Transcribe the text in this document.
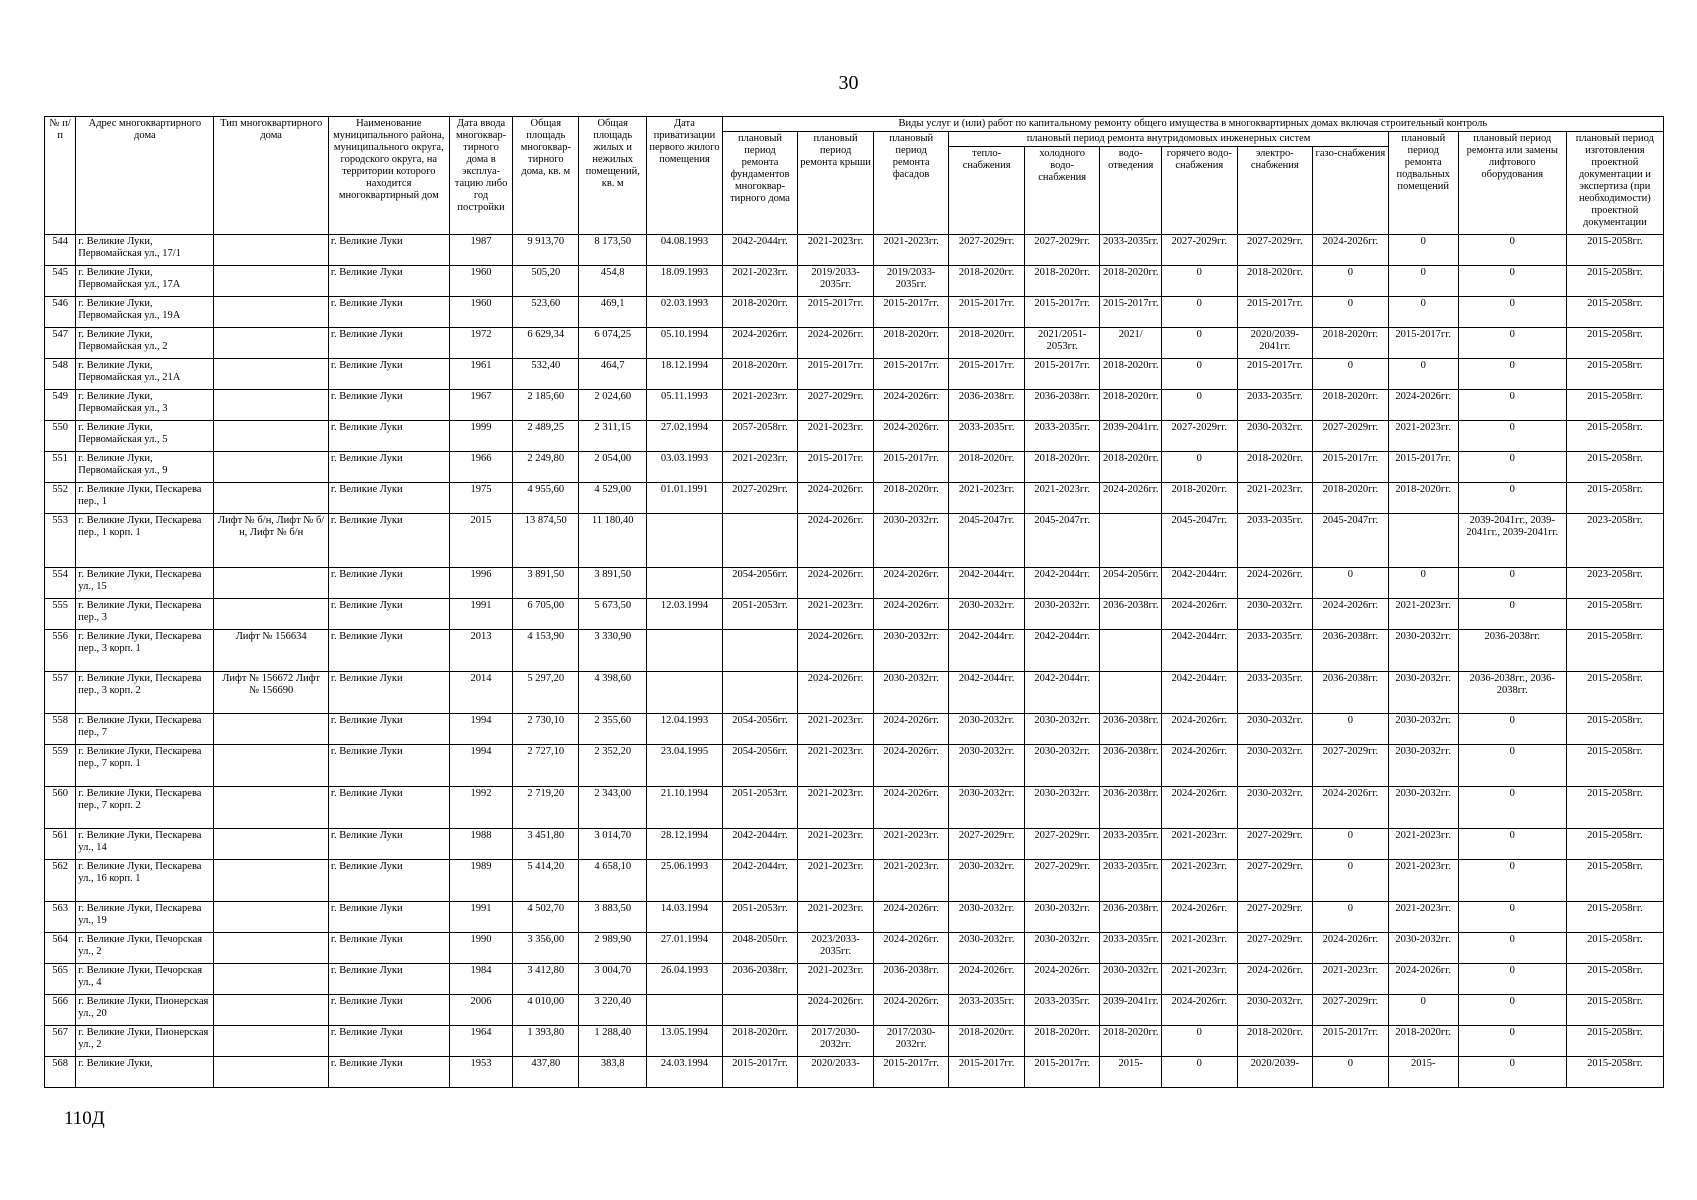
30
№ п/п	Адрес многоквартирного дома	Тип многоквартирного дома	Наименование муниципального района, муниципального округа, городского округа, на территории которого находится многоквартирный дом	Дата ввода многоквар-тирного дома в эксплуа-тацию либо год постройки	Общая площадь многоквар-тирного дома, кв. м	Общая площадь жилых и нежилых помещений, кв. м	Дата приватизации первого жилого помещения	Виды услуг и (или) работ по капитальному ремонту общего имущества в многоквартирных домах включая строительный контроль											
								плановый период ремонта фундаментов многоквар-тирного дома	плановый период ремонта крыши	плановый период ремонта фасадов	плановый период ремонта внутридомовых инженерных систем						плановый период ремонта подвальных помещений	плановый период ремонта или замены лифтового оборудования	плановый период изготовления проектной документации и экспертиза (при необходимости) проектной документации
											тепло-снабжения	холодного водо-снабжения	водо-отведения	горячего водо-снабжения	электро-снабжения	газо-снабжения			
544	г. Великие Луки, Первомайская ул., 17/1		г. Великие Луки	1987	9 913,70	8 173,50	04.08.1993	2042-2044гг.	2021-2023гг.	2021-2023гг.	2027-2029гг.	2027-2029гг.	2033-2035гг.	2027-2029гг.	2027-2029гг.	2024-2026гг.	0	0	2015-2058гг.
545	г. Великие Луки, Первомайская ул., 17А		г. Великие Луки	1960	505,20	454,8	18.09.1993	2021-2023гг.	2019/2033-2035гг.	2019/2033-2035гг.	2018-2020гг.	2018-2020гг.	2018-2020гг.	0	2018-2020гг.	0	0	0	2015-2058гг.
546	г. Великие Луки, Первомайская ул., 19А		г. Великие Луки	1960	523,60	469,1	02.03.1993	2018-2020гг.	2015-2017гг.	2015-2017гг.	2015-2017гг.	2015-2017гг.	2015-2017гг.	0	2015-2017гг.	0	0	0	2015-2058гг.
547	г. Великие Луки, Первомайская ул., 2		г. Великие Луки	1972	6 629,34	6 074,25	05.10.1994	2024-2026гг.	2024-2026гг.	2018-2020гг.	2018-2020гг.	2021/2051-2053гг.	2021/	0	2020/2039-2041гг.	2018-2020гг.	2015-2017гг.	0	2015-2058гг.
548	г. Великие Луки, Первомайская ул., 21А		г. Великие Луки	1961	532,40	464,7	18.12.1994	2018-2020гг.	2015-2017гг.	2015-2017гг.	2015-2017гг.	2015-2017гг.	2018-2020гг.	0	2015-2017гг.	0	0	0	2015-2058гг.
549	г. Великие Луки, Первомайская ул., 3		г. Великие Луки	1967	2 185,60	2 024,60	05.11.1993	2021-2023гг.	2027-2029гг.	2024-2026гг.	2036-2038гг.	2036-2038гг.	2018-2020гг.	0	2033-2035гг.	2018-2020гг.	2024-2026гг.	0	2015-2058гг.
550	г. Великие Луки, Первомайская ул., 5		г. Великие Луки	1999	2 489,25	2 311,15	27.02.1994	2057-2058гг.	2021-2023гг.	2024-2026гг.	2033-2035гг.	2033-2035гг.	2039-2041гг.	2027-2029гг.	2030-2032гг.	2027-2029гг.	2021-2023гг.	0	2015-2058гг.
551	г. Великие Луки, Первомайская ул., 9		г. Великие Луки	1966	2 249,80	2 054,00	03.03.1993	2021-2023гг.	2015-2017гг.	2015-2017гг.	2018-2020гг.	2018-2020гг.	2018-2020гг.	0	2018-2020гг.	2015-2017гг.	2015-2017гг.	0	2015-2058гг.
552	г. Великие Луки, Пескарева пер., 1		г. Великие Луки	1975	4 955,60	4 529,00	01.01.1991	2027-2029гг.	2024-2026гг.	2018-2020гг.	2021-2023гг.	2021-2023гг.	2024-2026гг.	2018-2020гг.	2021-2023гг.	2018-2020гг.	2018-2020гг.	0	2015-2058гг.
553	г. Великие Луки, Пескарева пер., 1 корп. 1	Лифт № б/н, Лифт № б/н, Лифт № б/н	г. Великие Луки	2015	13 874,50	11 180,40			2024-2026гг.	2030-2032гг.	2045-2047гг.	2045-2047гг.		2045-2047гг.	2033-2035гг.	2045-2047гг.		2039-2041гг., 2039-2041гг., 2039-2041гг.	2023-2058гг.
554	г. Великие Луки, Пескарева ул., 15		г. Великие Луки	1996	3 891,50	3 891,50		2054-2056гг.	2024-2026гг.	2024-2026гг.	2042-2044гг.	2042-2044гг.	2054-2056гг.	2042-2044гг.	2024-2026гг.	0	0	0	2023-2058гг.
555	г. Великие Луки, Пескарева пер., 3		г. Великие Луки	1991	6 705,00	5 673,50	12.03.1994	2051-2053гг.	2021-2023гг.	2024-2026гг.	2030-2032гг.	2030-2032гг.	2036-2038гг.	2024-2026гг.	2030-2032гг.	2024-2026гг.	2021-2023гг.	0	2015-2058гг.
556	г. Великие Луки, Пескарева пер., 3 корп. 1	Лифт № 156634	г. Великие Луки	2013	4 153,90	3 330,90			2024-2026гг.	2030-2032гг.	2042-2044гг.	2042-2044гг.		2042-2044гг.	2033-2035гг.	2036-2038гг.	2030-2032гг.	2036-2038гг.	2015-2058гг.
557	г. Великие Луки, Пескарева пер., 3 корп. 2	Лифт № 156672 Лифт № 156690	г. Великие Луки	2014	5 297,20	4 398,60			2024-2026гг.	2030-2032гг.	2042-2044гг.	2042-2044гг.		2042-2044гг.	2033-2035гг.	2036-2038гг.	2030-2032гг.	2036-2038гг., 2036-2038гг.	2015-2058гг.
558	г. Великие Луки, Пескарева пер., 7		г. Великие Луки	1994	2 730,10	2 355,60	12.04.1993	2054-2056гг.	2021-2023гг.	2024-2026гг.	2030-2032гг.	2030-2032гг.	2036-2038гг.	2024-2026гг.	2030-2032гг.	0	2030-2032гг.	0	2015-2058гг.
559	г. Великие Луки, Пескарева пер., 7 корп. 1		г. Великие Луки	1994	2 727,10	2 352,20	23.04.1995	2054-2056гг.	2021-2023гг.	2024-2026гг.	2030-2032гг.	2030-2032гг.	2036-2038гг.	2024-2026гг.	2030-2032гг.	2027-2029гг.	2030-2032гг.	0	2015-2058гг.
560	г. Великие Луки, Пескарева пер., 7 корп. 2		г. Великие Луки	1992	2 719,20	2 343,00	21.10.1994	2051-2053гг.	2021-2023гг.	2024-2026гг.	2030-2032гг.	2030-2032гг.	2036-2038гг.	2024-2026гг.	2030-2032гг.	2024-2026гг.	2030-2032гг.	0	2015-2058гг.
561	г. Великие Луки, Пескарева ул., 14		г. Великие Луки	1988	3 451,80	3 014,70	28.12.1994	2042-2044гг.	2021-2023гг.	2021-2023гг.	2027-2029гг.	2027-2029гг.	2033-2035гг.	2021-2023гг.	2027-2029гг.	0	2021-2023гг.	0	2015-2058гг.
562	г. Великие Луки, Пескарева ул., 16 корп. 1		г. Великие Луки	1989	5 414,20	4 658,10	25.06.1993	2042-2044гг.	2021-2023гг.	2021-2023гг.	2030-2032гг.	2027-2029гг.	2033-2035гг.	2021-2023гг.	2027-2029гг.	0	2021-2023гг.	0	2015-2058гг.
563	г. Великие Луки, Пескарева ул., 19		г. Великие Луки	1991	4 502,70	3 883,50	14.03.1994	2051-2053гг.	2021-2023гг.	2024-2026гг.	2030-2032гг.	2030-2032гг.	2036-2038гг.	2024-2026гг.	2027-2029гг.	0	2021-2023гг.	0	2015-2058гг.
564	г. Великие Луки, Печорская ул., 2		г. Великие Луки	1990	3 356,00	2 989,90	27.01.1994	2048-2050гг.	2023/2033-2035гг.	2024-2026гг.	2030-2032гг.	2030-2032гг.	2033-2035гг.	2021-2023гг.	2027-2029гг.	2024-2026гг.	2030-2032гг.	0	2015-2058гг.
565	г. Великие Луки, Печорская ул., 4		г. Великие Луки	1984	3 412,80	3 004,70	26.04.1993	2036-2038гг.	2021-2023гг.	2036-2038гг.	2024-2026гг.	2024-2026гг.	2030-2032гг.	2021-2023гг.	2024-2026гг.	2021-2023гг.	2024-2026гг.	0	2015-2058гг.
566	г. Великие Луки, Пионерская ул., 20		г. Великие Луки	2006	4 010,00	3 220,40			2024-2026гг.	2024-2026гг.	2033-2035гг.	2033-2035гг.	2039-2041гг.	2024-2026гг.	2030-2032гг.	2027-2029гг.	0	0	2015-2058гг.
567	г. Великие Луки, Пионерская ул., 2		г. Великие Луки	1964	1 393,80	1 288,40	13.05.1994	2018-2020гг.	2017/2030-2032гг.	2017/2030-2032гг.	2018-2020гг.	2018-2020гг.	2018-2020гг.	0	2018-2020гг.	2015-2017гг.	2018-2020гг.	0	2015-2058гг.
568	г. Великие Луки,		г. Великие Луки	1953	437,80	383,8	24.03.1994	2015-2017гг.	2020/2033-	2015-2017гг.	2015-2017гг.	2015-2017гг.	2015-	0	2020/2039-	0	2015-	0	2015-2058гг.
110Д
